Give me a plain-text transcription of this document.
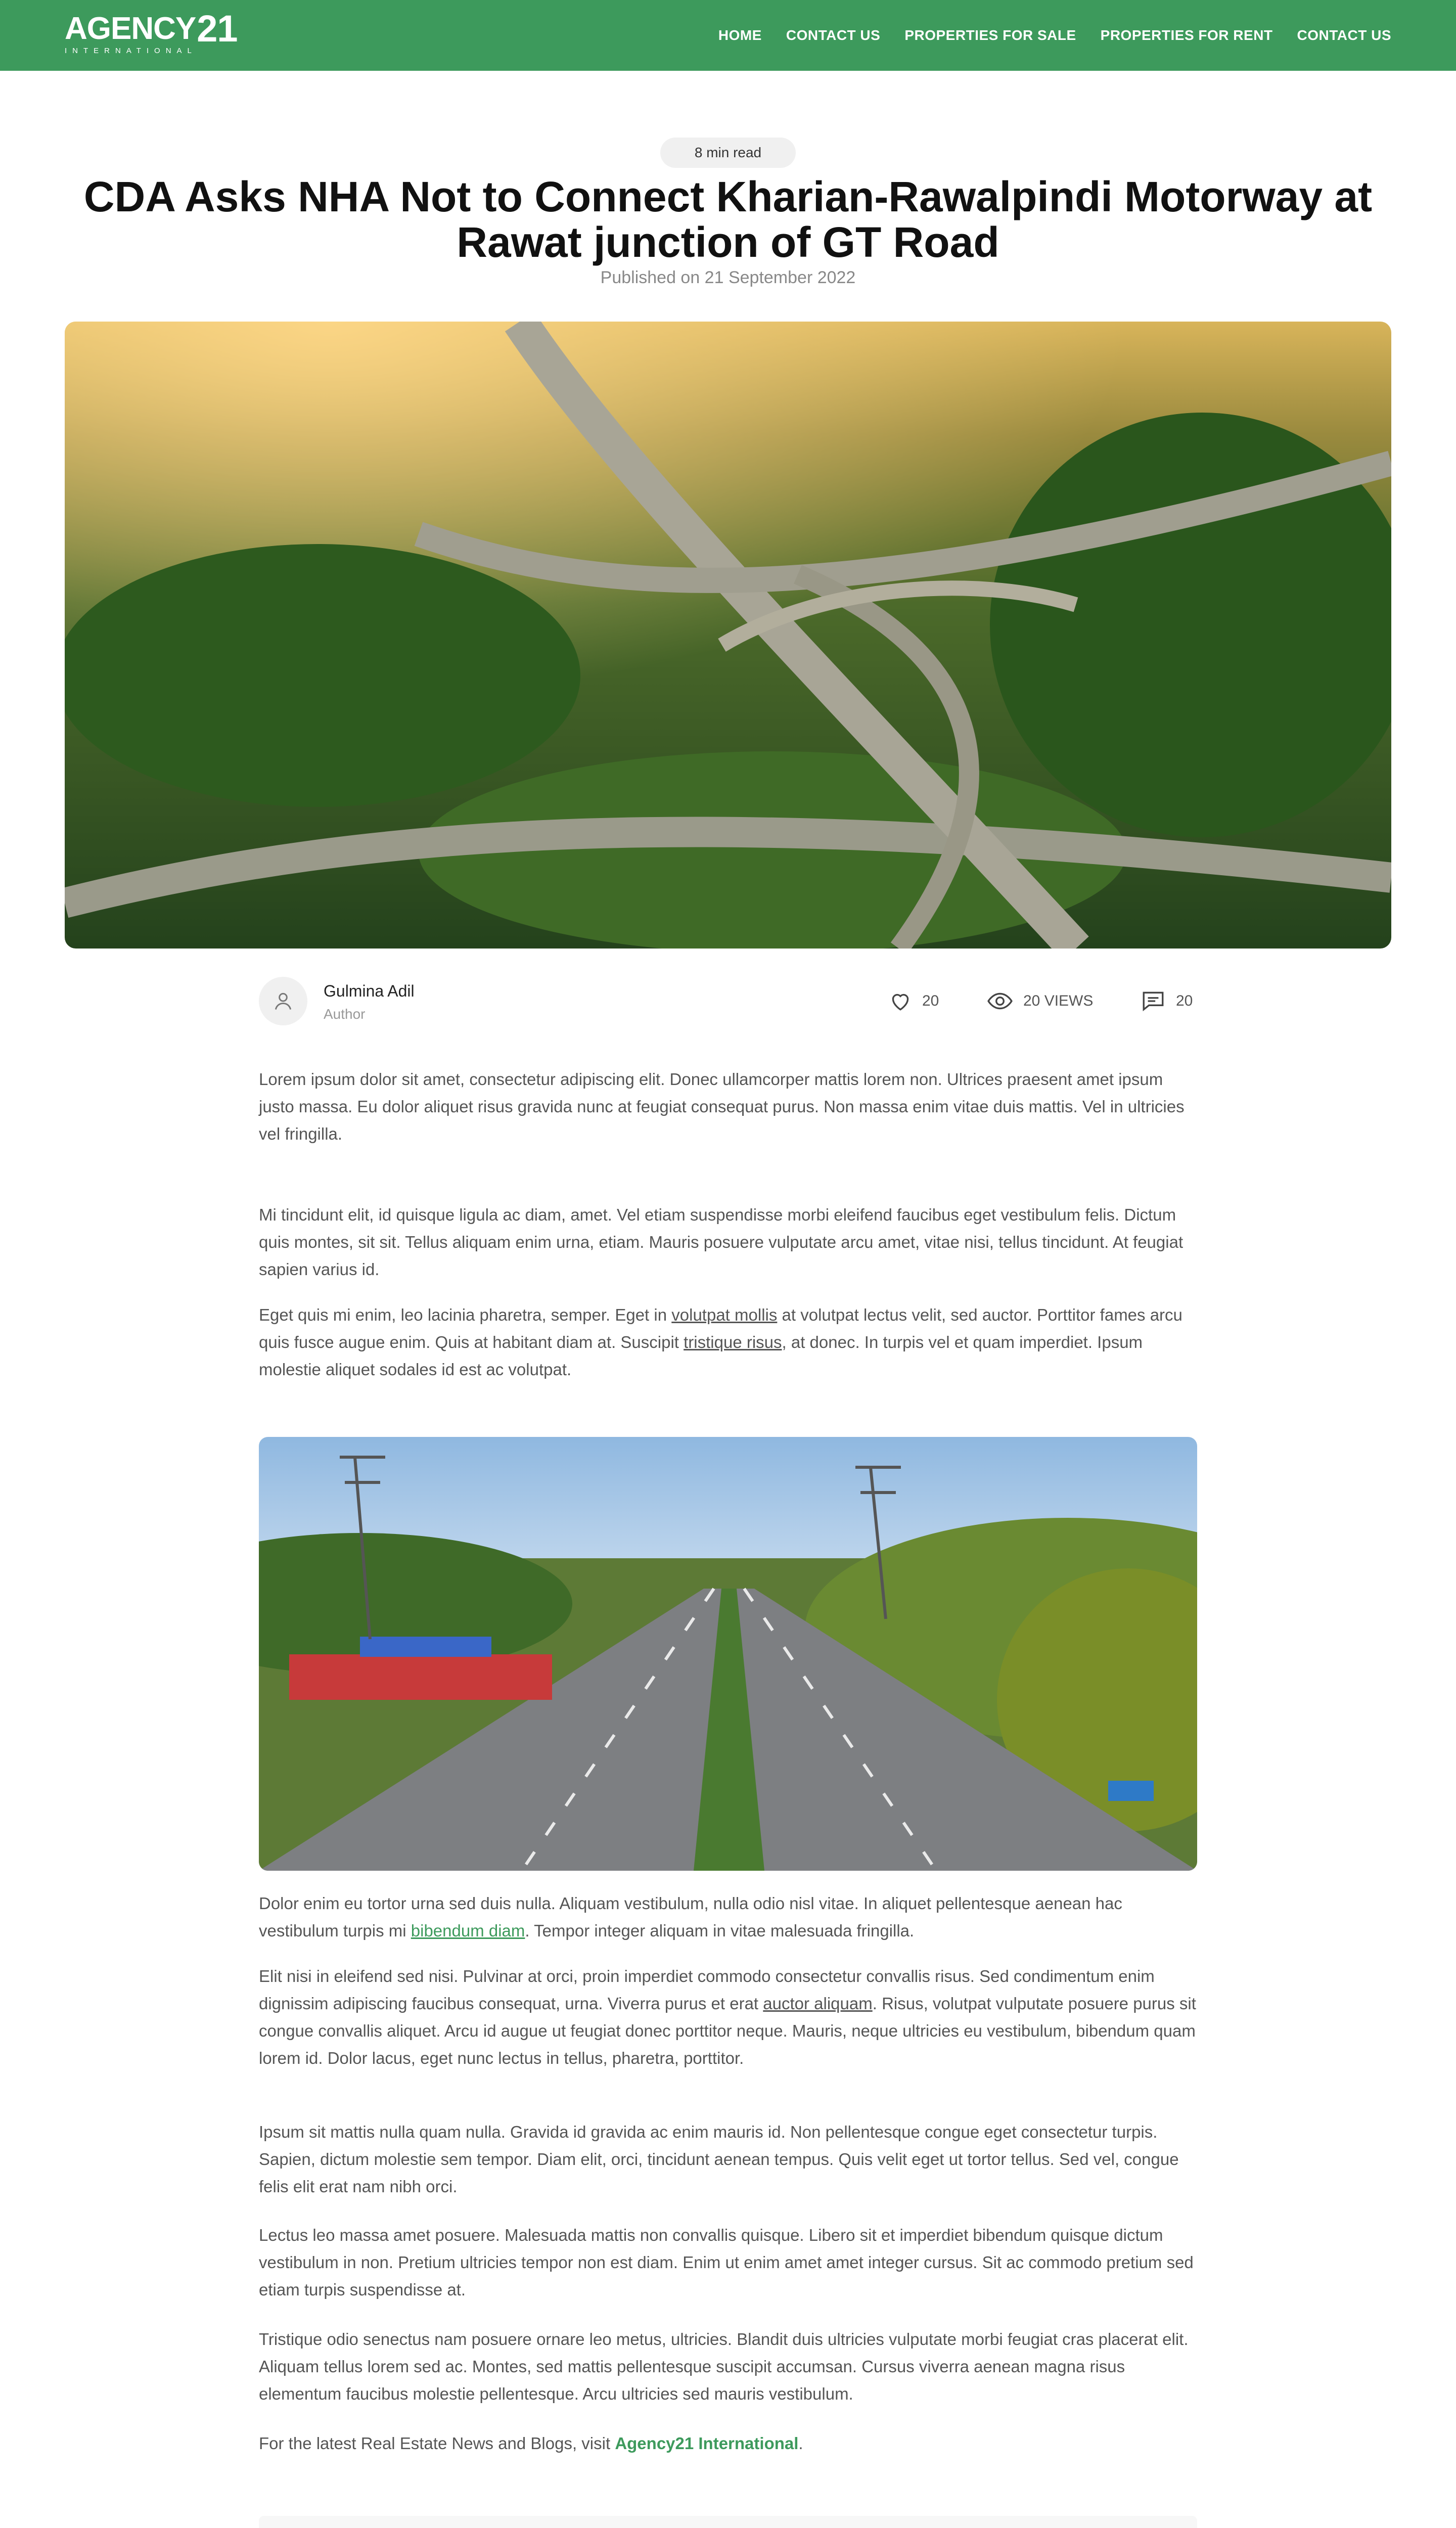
AGENCY 21
INTERNATIONAL
HOME CONTACT US PROPERTIES FOR SALE PROPERTIES FOR RENT CONTACT US
8 min read
CDA Asks NHA Not to Connect Kharian-Rawalpindi Motorway at Rawat junction of GT Road
Published on 21 September 2022
Gulmina Adil
Author
20	20 VIEWS	20

Lorem ipsum dolor sit amet, consectetur adipiscing elit. Donec ullamcorper mattis lorem non. Ultrices praesent amet ipsum justo massa. Eu dolor aliquet risus gravida nunc at feugiat consequat purus. Non massa enim vitae duis mattis. Vel in ultricies vel fringilla.

Mi tincidunt elit, id quisque ligula ac diam, amet. Vel etiam suspendisse morbi eleifend faucibus eget vestibulum felis. Dictum quis montes, sit sit. Tellus aliquam enim urna, etiam. Mauris posuere vulputate arcu amet, vitae nisi, tellus tincidunt. At feugiat sapien varius id.

Eget quis mi enim, leo lacinia pharetra, semper. Eget in volutpat mollis at volutpat lectus velit, sed auctor. Porttitor fames arcu quis fusce augue enim. Quis at habitant diam at. Suscipit tristique risus, at donec. In turpis vel et quam imperdiet. Ipsum molestie aliquet sodales id est ac volutpat.

Dolor enim eu tortor urna sed duis nulla. Aliquam vestibulum, nulla odio nisl vitae. In aliquet pellentesque aenean hac vestibulum turpis mi bibendum diam. Tempor integer aliquam in vitae malesuada fringilla.

Elit nisi in eleifend sed nisi. Pulvinar at orci, proin imperdiet commodo consectetur convallis risus. Sed condimentum enim dignissim adipiscing faucibus consequat, urna. Viverra purus et erat auctor aliquam. Risus, volutpat vulputate posuere purus sit congue convallis aliquet. Arcu id augue ut feugiat donec porttitor neque. Mauris, neque ultricies eu vestibulum, bibendum quam lorem id. Dolor lacus, eget nunc lectus in tellus, pharetra, porttitor.

Ipsum sit mattis nulla quam nulla. Gravida id gravida ac enim mauris id. Non pellentesque congue eget consectetur turpis. Sapien, dictum molestie sem tempor. Diam elit, orci, tincidunt aenean tempus. Quis velit eget ut tortor tellus. Sed vel, congue felis elit erat nam nibh orci.

Lectus leo massa amet posuere. Malesuada mattis non convallis quisque. Libero sit et imperdiet bibendum quisque dictum vestibulum in non. Pretium ultricies tempor non est diam. Enim ut enim amet amet integer cursus. Sit ac commodo pretium sed etiam turpis suspendisse at.

Tristique odio senectus nam posuere ornare leo metus, ultricies. Blandit duis ultricies vulputate morbi feugiat cras placerat elit. Aliquam tellus lorem sed ac. Montes, sed mattis pellentesque suscipit accumsan. Cursus viverra aenean magna risus elementum faucibus molestie pellentesque. Arcu ultricies sed mauris vestibulum.

For the latest Real Estate News and Blogs, visit Agency21 International.
